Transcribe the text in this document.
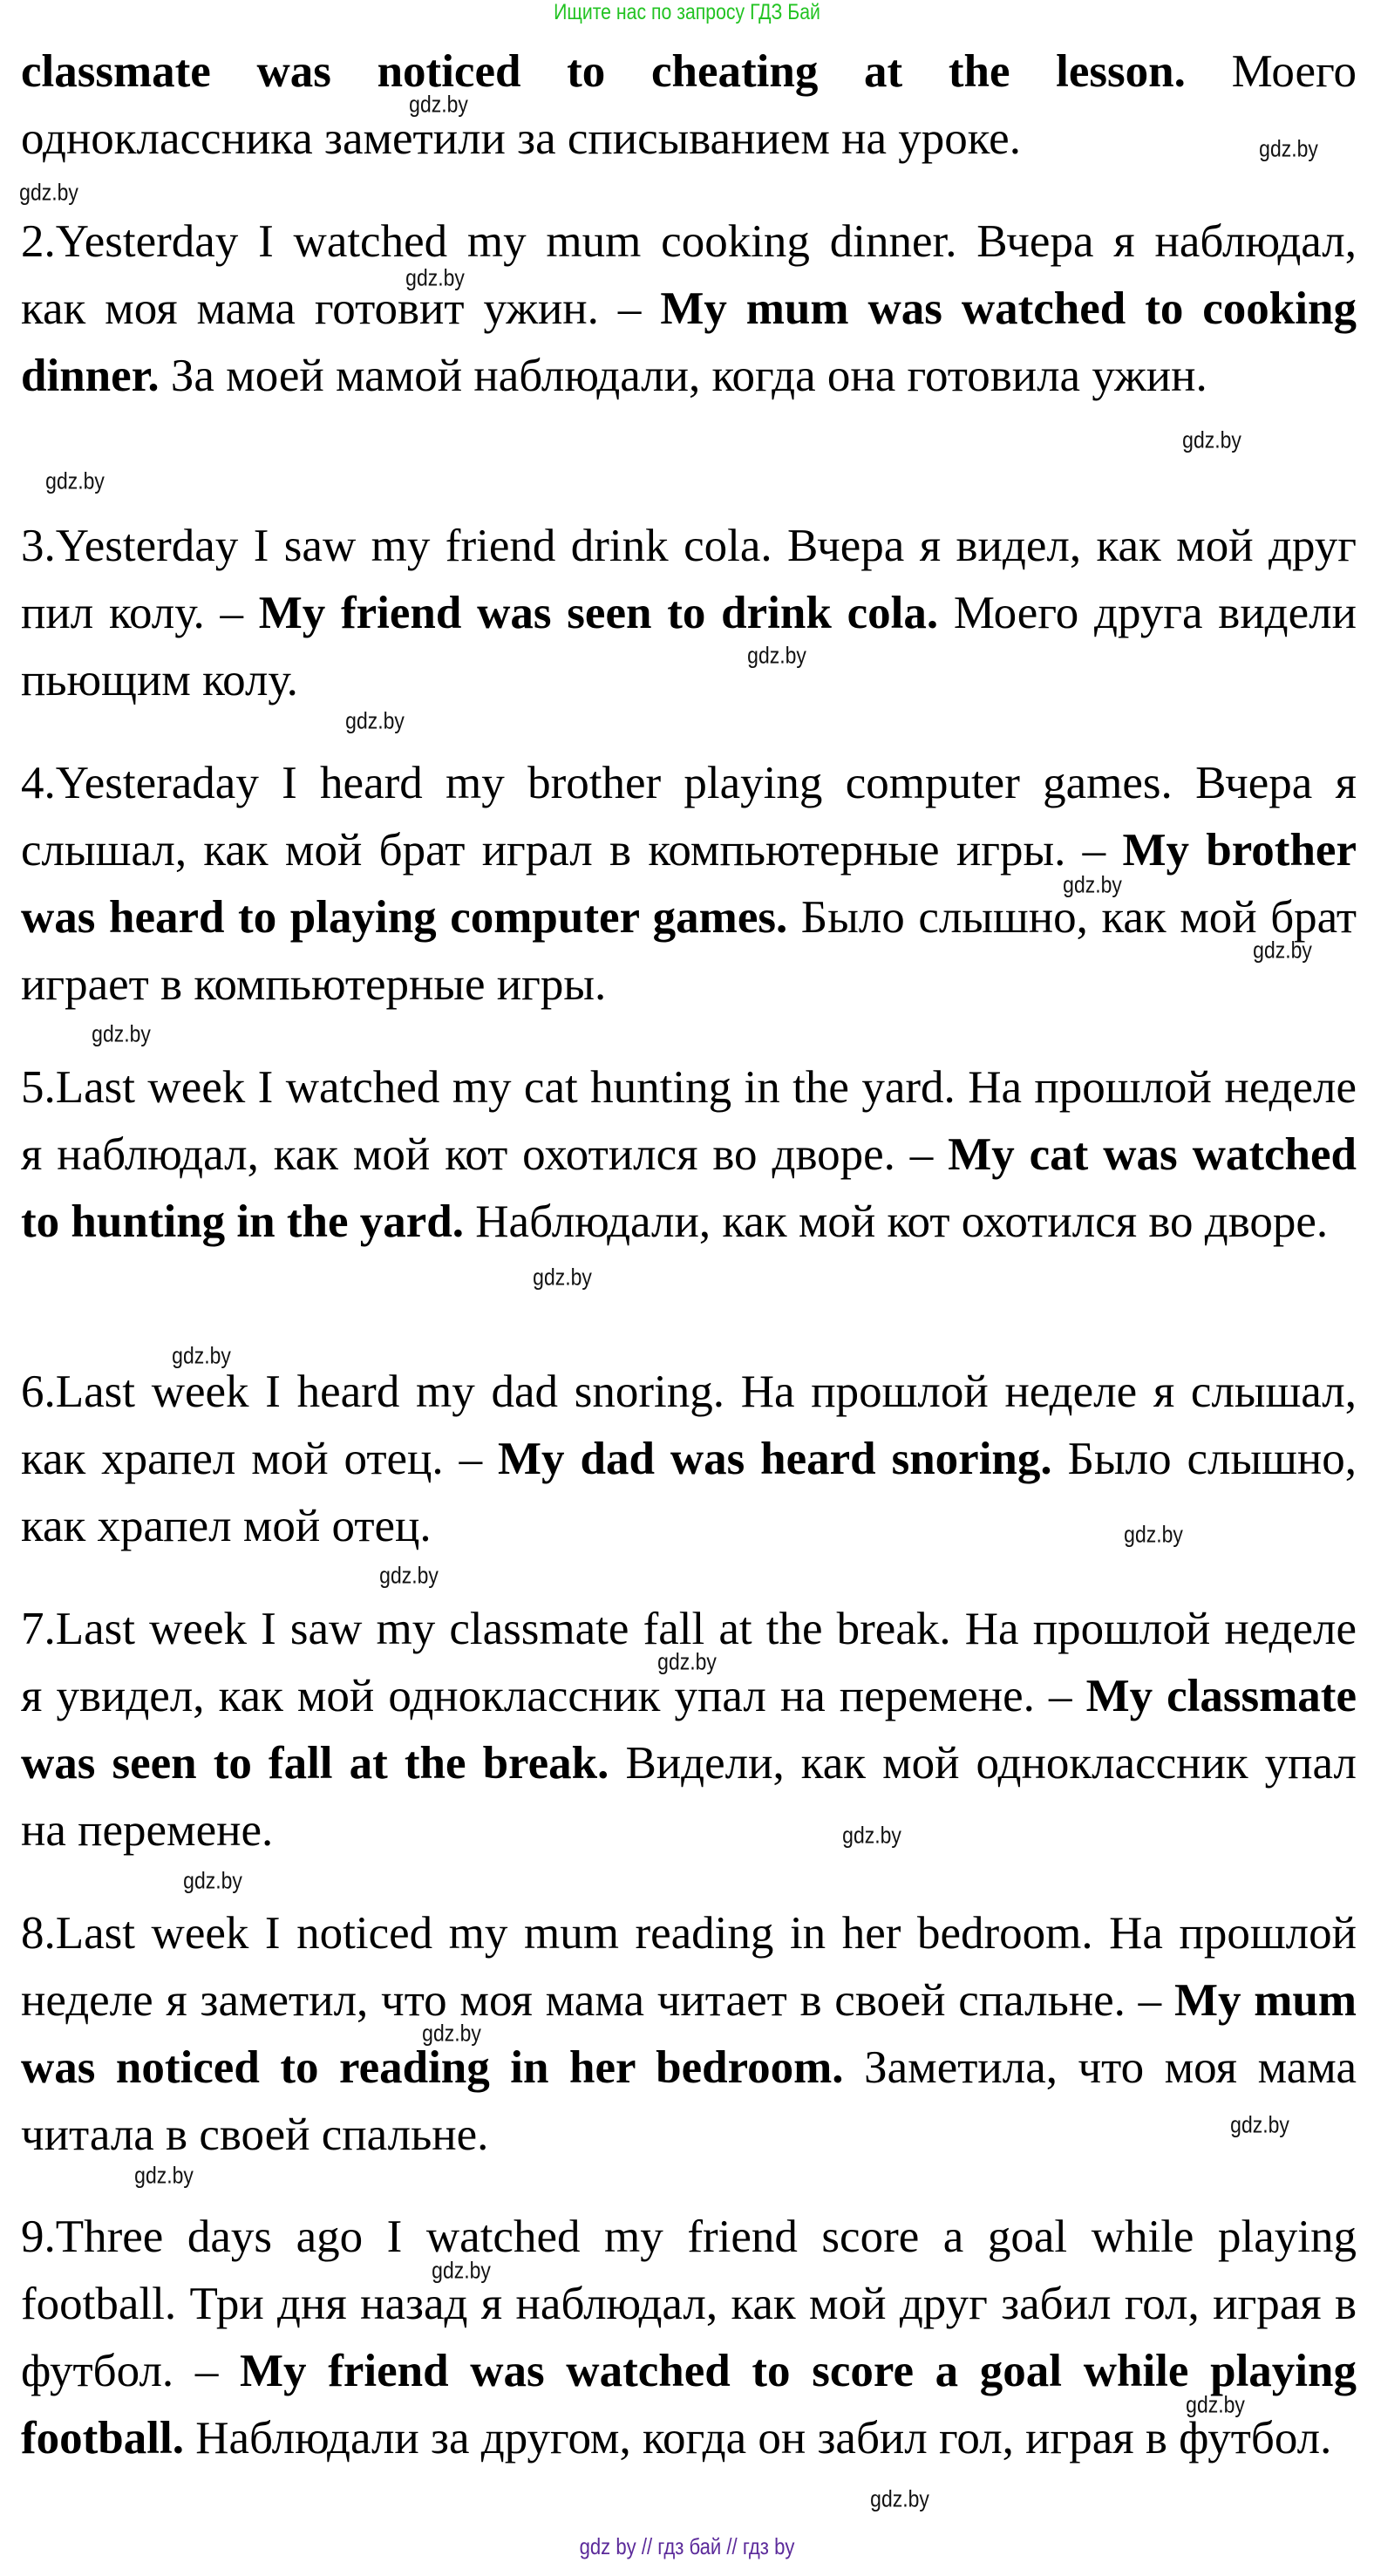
Ищите нас по запросу ГДЗ Бай

classmate was noticed to cheating at the lesson. Моего одноклассника заметили за списыванием на уроке.

2.Yesterday I watched my mum cooking dinner. Вчера я наблюдал, как моя мама готовит ужин. – My mum was watched to cooking dinner. За моей мамой наблюдали, когда она готовила ужин.

3.Yesterday I saw my friend drink cola. Вчера я видел, как мой друг пил колу. – My friend was seen to drink cola. Моего друга видели пьющим колу.

4.Yesteraday I heard my brother playing computer games. Вчера я слышал, как мой брат играл в компьютерные игры. – My brother was heard to playing computer games. Было слышно, как мой брат играет в компьютерные игры.

5.Last week I watched my cat hunting in the yard. На прошлой неделе я наблюдал, как мой кот охотился во дворе. – My cat was watched to hunting in the yard. Наблюдали, как мой кот охотился во дворе.

6.Last week I heard my dad snoring. На прошлой неделе я слышал, как храпел мой отец. – My dad was heard snoring. Было слышно, как храпел мой отец.

7.Last week I saw my classmate fall at the break. На прошлой неделе я увидел, как мой одноклассник упал на перемене. – My classmate was seen to fall at the break. Видели, как мой одноклассник упал на перемене.

8.Last week I noticed my mum reading in her bedroom. На прошлой неделе я заметил, что моя мама читает в своей спальне. – My mum was noticed to reading in her bedroom. Заметила, что моя мама читала в своей спальне.

9.Three days ago I watched my friend score a goal while playing football. Три дня назад я наблюдал, как мой друг забил гол, играя в футбол. – My friend was watched to score a goal while playing football. Наблюдали за другом, когда он забил гол, играя в футбол.

gdz.by
gdz.by
gdz.by
gdz.by
gdz.by
gdz.by
gdz.by
gdz.by
gdz.by
gdz.by
gdz.by
gdz.by
gdz.by
gdz.by
gdz.by
gdz.by
gdz.by
gdz.by
gdz.by
gdz.by
gdz.by
gdz.by
gdz.by
gdz.by
gdz by // гдз бай // гдз by
